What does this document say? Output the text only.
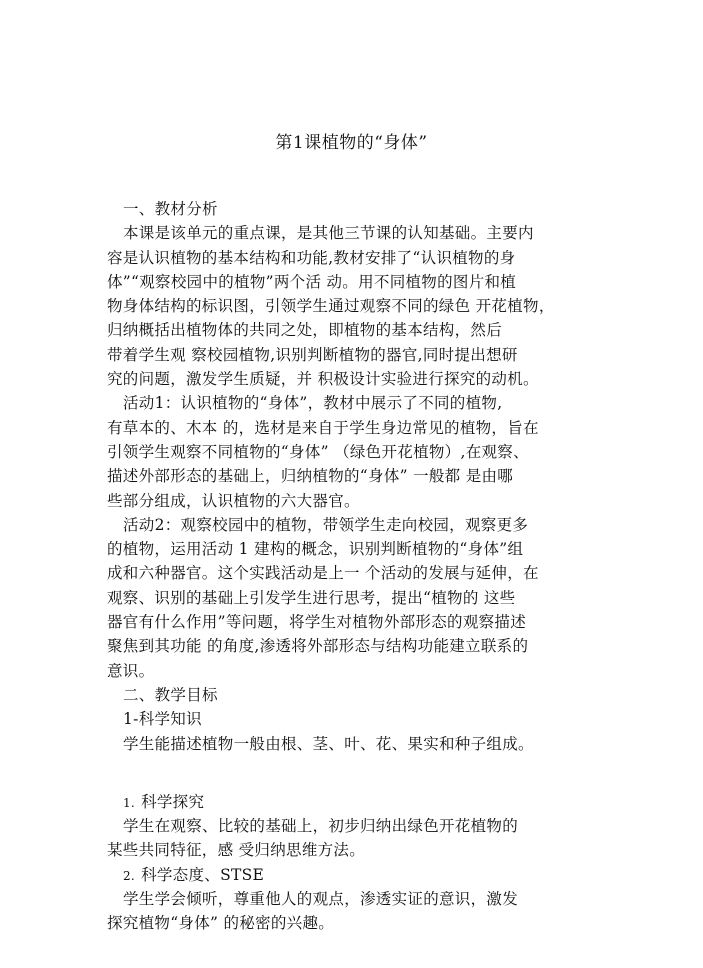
第1课植物的“身体”
一、教材分析
本课是该单元的重点课，是其他三节课的认知基础。主要内
容是认识植物的基本结构和功能,教材安排了“认识植物的身
体”“观察校园中的植物”两个活 动。用不同植物的图片和植
物身体结构的标识图，引领学生通过观察不同的绿色 开花植物，
归纳概括出植物体的共同之处，即植物的基本结构，然后
带着学生观 察校园植物,识别判断植物的器官,同时提出想研
究的问题，激发学生质疑，并 积极设计实验进行探究的动机。
活动1：认识植物的“身体”，教材中展示了不同的植物,
有草本的、木本 的，选材是来自于学生身边常见的植物，旨在
引领学生观察不同植物的“身体” （绿色开花植物）,在观察、
描述外部形态的基础上，归纳植物的“身体” 一般都 是由哪
些部分组成，认识植物的六大器官。
活动2：观察校园中的植物，带领学生走向校园，观察更多
的植物，运用活动 1 建构的概念，识别判断植物的“身体”组
成和六种器官。这个实践活动是上一 个活动的发展与延伸，在
观察、识别的基础上引发学生进行思考，提出“植物的 这些
器官有什么作用”等问题，将学生对植物外部形态的观察描述
聚焦到其功能 的角度,渗透将外部形态与结构功能建立联系的
意识。
二、教学目标
1-科学知识
学生能描述植物一般由根、茎、叶、花、果实和种子组成。
1. 科学探究
学生在观察、比较的基础上，初步归纳出绿色开花植物的
某些共同特征，感 受归纳思维方法。
2. 科学态度、STSE
学生学会倾听，尊重他人的观点，渗透实证的意识，激发
探究植物“身体” 的秘密的兴趣。
